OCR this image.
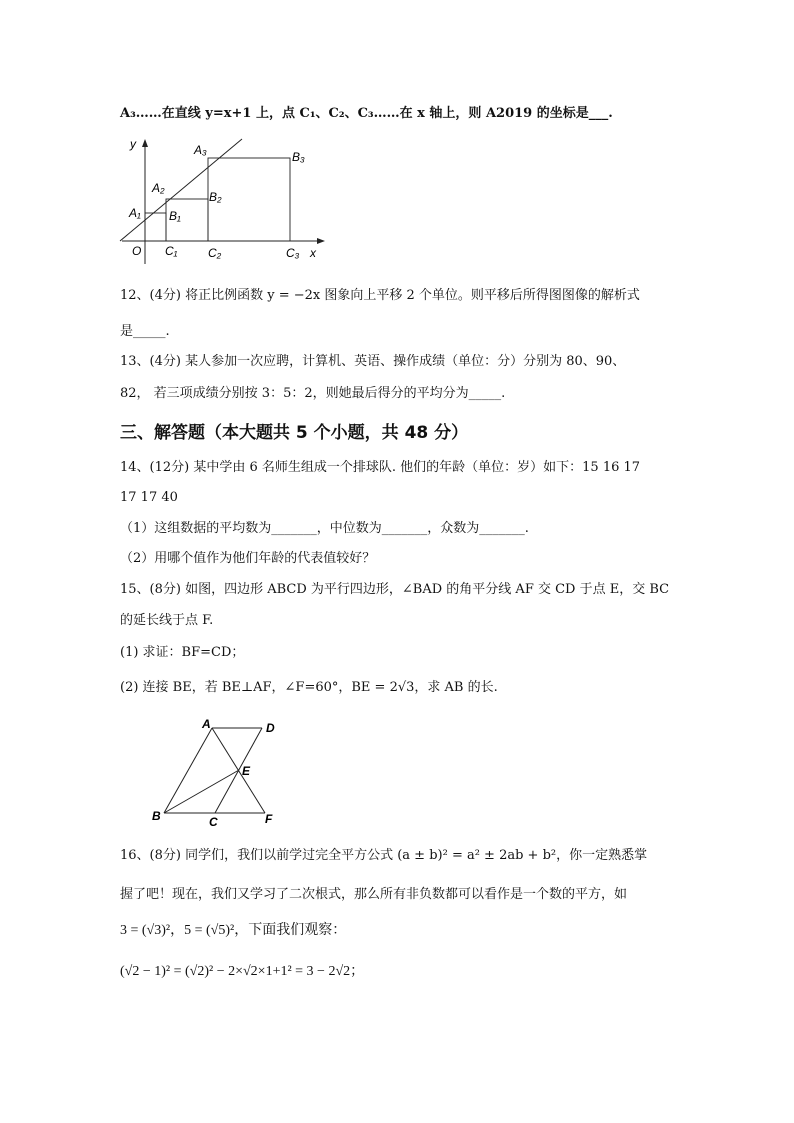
A₃……在直线 y=x+1 上，点 C₁、C₂、C₃……在 x 轴上，则 A2019 的坐标是___.
y
x
O
A₁
A₂
A₃
B₁
B₂
B₃
C₁	C₂	C₃
12、(4分) 将正比例函数 y = −2x 图象向上平移 2 个单位。则平移后所得图图像的解析式
是_____.
13、(4分) 某人参加一次应聘，计算机、英语、操作成绩（单位：分）分别为 80、90、
82， 若三项成绩分别按 3：5：2，则她最后得分的平均分为_____.
三、解答题（本大题共 5 个小题，共 48 分）
14、(12分) 某中学由 6 名师生组成一个排球队. 他们的年龄（单位：岁）如下：15 16 17
17 17 40
（1）这组数据的平均数为_______，中位数为_______，众数为_______.
（2）用哪个值作为他们年龄的代表值较好？
15、(8分) 如图，四边形 ABCD 为平行四边形，∠BAD 的角平分线 AF 交 CD 于点 E，交 BC
的延长线于点 F.
(1) 求证：BF=CD；
(2) 连接 BE，若 BE⊥AF，∠F=60°，BE = 2√3，求 AB 的长.
A	D
E
B	C	F
16、(8分) 同学们，我们以前学过完全平方公式 (a ± b)² = a² ± 2ab + b²，你一定熟悉掌
握了吧！现在，我们又学习了二次根式，那么所有非负数都可以看作是一个数的平方，如
3 = (√3)²，5 = (√5)²，下面我们观察：
(√2 − 1)² = (√2)² − 2×√2×1+1² = 3 − 2√2；
